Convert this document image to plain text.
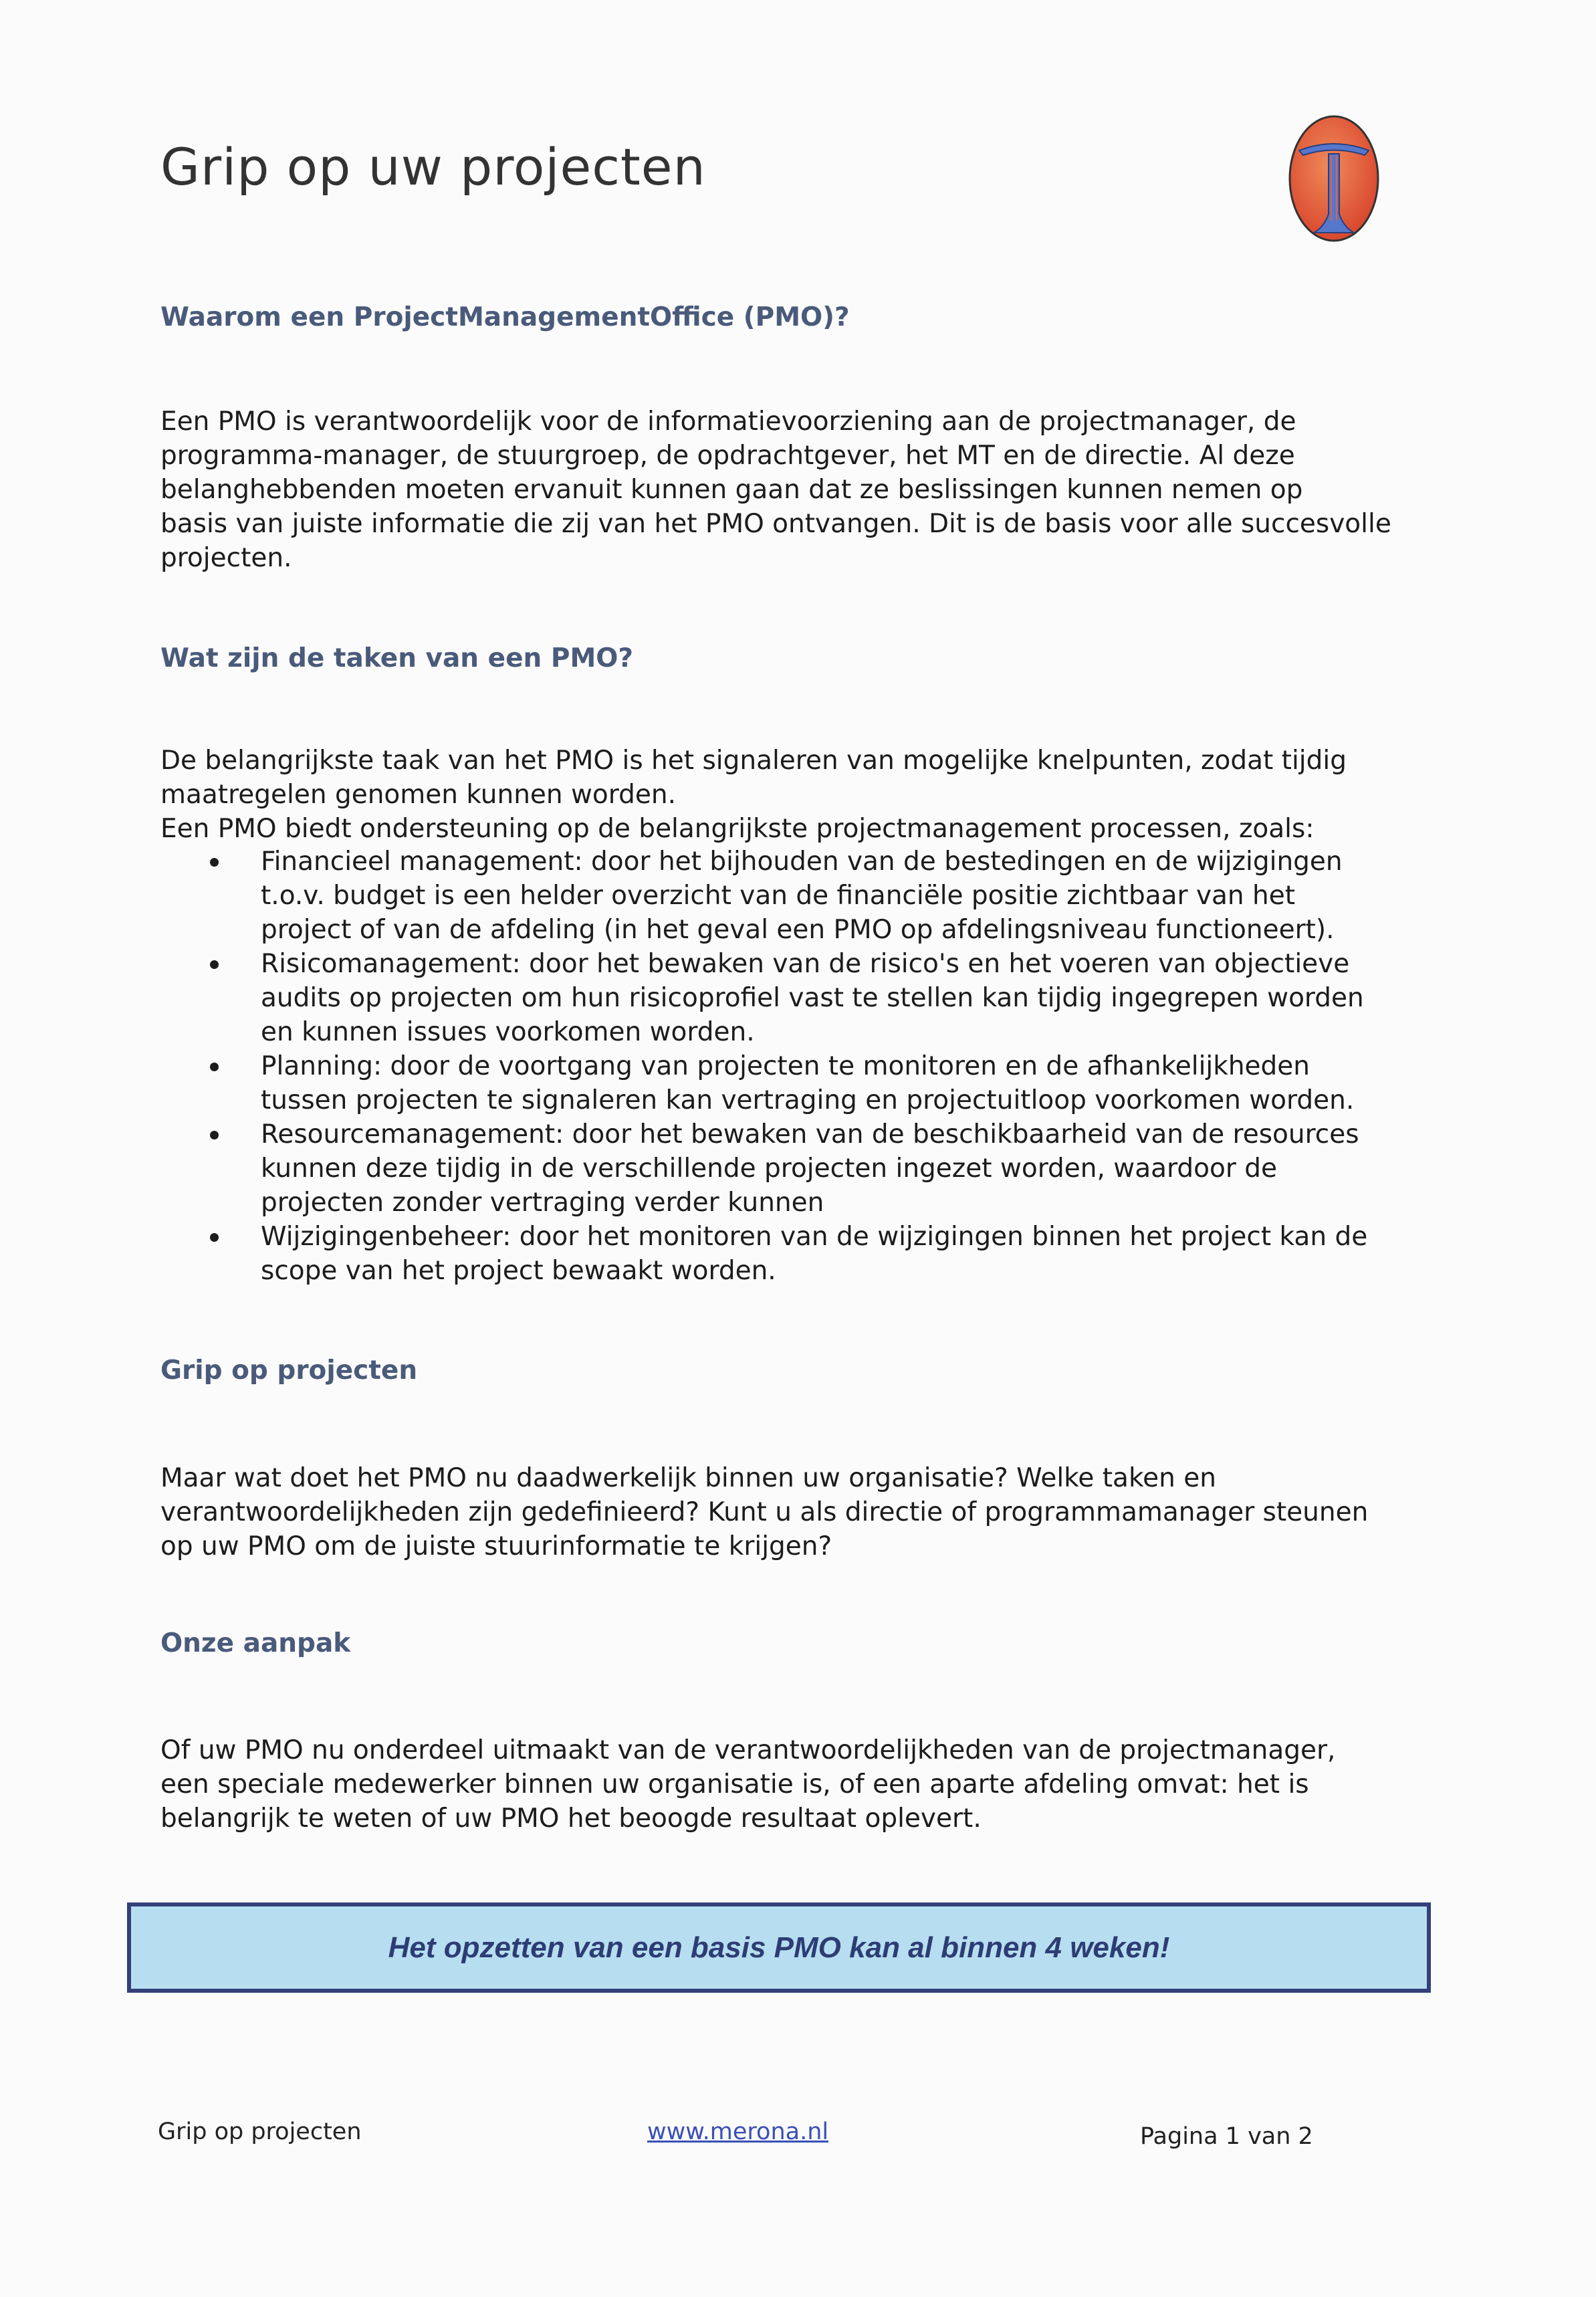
Grip op uw projecten
Waarom een ProjectManagementOffice (PMO)?

Een PMO is verantwoordelijk voor de informatievoorziening aan de projectmanager, de
programma-manager, de stuurgroep, de opdrachtgever, het MT en de directie. Al deze
belanghebbenden moeten ervanuit kunnen gaan dat ze beslissingen kunnen nemen op
basis van juiste informatie die zij van het PMO ontvangen. Dit is de basis voor alle succesvolle
projecten.

Wat zijn de taken van een PMO?

De belangrijkste taak van het PMO is het signaleren van mogelijke knelpunten, zodat tijdig
maatregelen genomen kunnen worden.
Een PMO biedt ondersteuning op de belangrijkste projectmanagement processen, zoals:

Financieel management: door het bijhouden van de bestedingen en de wijzigingen
t.o.v. budget is een helder overzicht van de financiële positie zichtbaar van het
project of van de afdeling (in het geval een PMO op afdelingsniveau functioneert).
Risicomanagement: door het bewaken van de risico's en het voeren van objectieve
audits op projecten om hun risicoprofiel vast te stellen kan tijdig ingegrepen worden
en kunnen issues voorkomen worden.
Planning: door de voortgang van projecten te monitoren en de afhankelijkheden
tussen projecten te signaleren kan vertraging en projectuitloop voorkomen worden.
Resourcemanagement: door het bewaken van de beschikbaarheid van de resources
kunnen deze tijdig in de verschillende projecten ingezet worden, waardoor de
projecten zonder vertraging verder kunnen
Wijzigingenbeheer: door het monitoren van de wijzigingen binnen het project kan de
scope van het project bewaakt worden.
Grip op projecten

Maar wat doet het PMO nu daadwerkelijk binnen uw organisatie? Welke taken en
verantwoordelijkheden zijn gedefinieerd? Kunt u als directie of programmamanager steunen
op uw PMO om de juiste stuurinformatie te krijgen?

Onze aanpak

Of uw PMO nu onderdeel uitmaakt van de verantwoordelijkheden van de projectmanager,
een speciale medewerker binnen uw organisatie is, of een aparte afdeling omvat: het is
belangrijk te weten of uw PMO het beoogde resultaat oplevert.

Het opzetten van een basis PMO kan al binnen 4 weken!
Grip op projecten	www.merona.nl	Pagina 1 van 2
